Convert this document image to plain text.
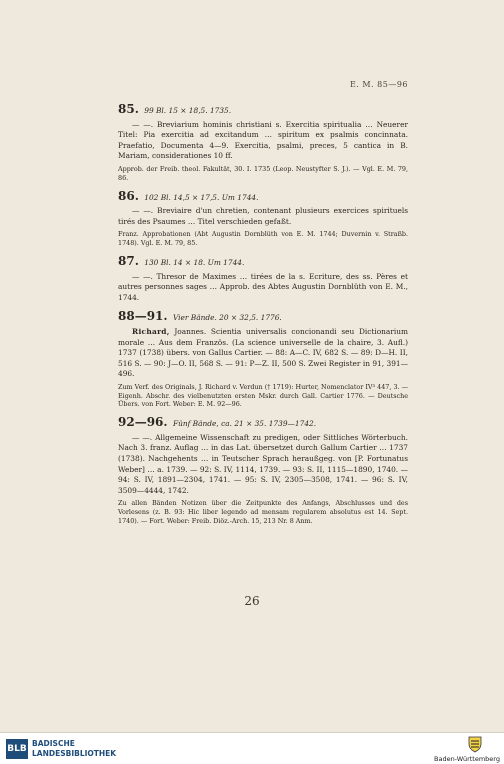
E. M. 85—96
85. 99 Bl. 15 × 18,5. 1735.

— —. Breviarium hominis christiani s. Exercitia spiritualia … Neuerer Titel: Pia exercitia ad excitandum … spiritum ex psalmis concinnata. Praefatio, Documenta 4—9. Exercitia, psalmi, preces, 5 cantica in B. Mariam, considerationes 10 ff.

Approb. der Freib. theol. Fakultät, 30. I. 1735 (Leop. Neustyfter S. J.). — Vgl. E. M. 79, 86.

86. 102 Bl. 14,5 × 17,5. Um 1744.

— —. Breviaire d'un chretien, contenant plusieurs exercices spirituels tirés des Psaumes … Titel verschieden gefaßt.

Franz. Approbationen (Abt Augustin Dornblüth von E. M. 1744; Duvernin v. Straßb. 1748). Vgl. E. M. 79, 85.

87. 130 Bl. 14 × 18. Um 1744.

— —. Thresor de Maximes … tirées de la s. Ecriture, des ss. Pères et autres personnes sages … Approb. des Abtes Augustin Dornblüth von E. M., 1744.

88—91. Vier Bände. 20 × 32,5. 1776.

Richard, Joannes. Scientia universalis concionandi seu Dictionarium morale … Aus dem Französ. (La science universelle de la chaire, 3. Aufl.) 1737 (1738) übers. von Gallus Cartier. — 88: A—C. IV, 682 S. — 89: D—H. II, 516 S. — 90: J—O. II, 568 S. — 91: P—Z. II, 500 S. Zwei Register in 91, 391—496.

Zum Verf. des Originals, J. Richard v. Verdun († 1719): Hurter, Nomenclator IV³ 447, 3. — Eigenh. Abschr. des vielbenutzten ersten Mskr. durch Gall. Cartier 1776. — Deutsche Übers. von Fort. Weber: E. M. 92—96.

92—96. Fünf Bände, ca. 21 × 35. 1739—1742.

— —. Allgemeine Wissenschaft zu predigen, oder Sittliches Wörterbuch. Nach 3. franz. Auflag … in das Lat. übersetzet durch Gallum Cartier … 1737 (1738). Nachgehents … in Teutscher Sprach heraußgeg. von [P. Fortunatus Weber] … a. 1739. — 92: S. IV, 1114, 1739. — 93: S. II, 1115—1890, 1740. — 94: S. IV, 1891—2304, 1741. — 95: S. IV, 2305—3508, 1741. — 96: S. IV, 3509—4444, 1742.

Zu allen Bänden Notizen über die Zeitpunkte des Anfangs, Abschlusses und des Vorlesens (z. B. 93: Hic liber legendo ad mensam regularem absolutus est 14. Sept. 1740). — Fort. Weber: Freib. Diöz.-Arch. 15, 213 Nr. 8 Anm.

26
BLB
BADISCHE
LANDESBIBLIOTHEK
Baden-Württemberg
